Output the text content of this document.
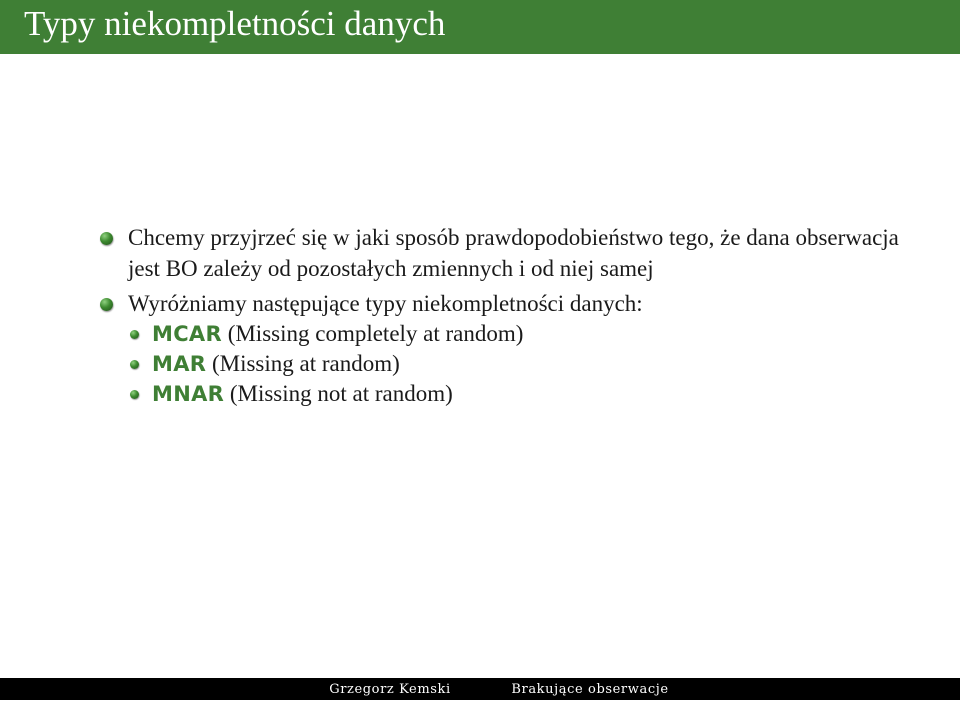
Typy niekompletności danych
Chcemy przyjrzeć się w jaki sposób prawdopodobieństwo tego, że dana obserwacja jest BO zależy od pozostałych zmiennych i od niej samej
Wyróżniamy następujące typy niekompletności danych:
MCAR (Missing completely at random)
MAR (Missing at random)
MNAR (Missing not at random)
Grzegorz Kemski	Brakujące obserwacje
